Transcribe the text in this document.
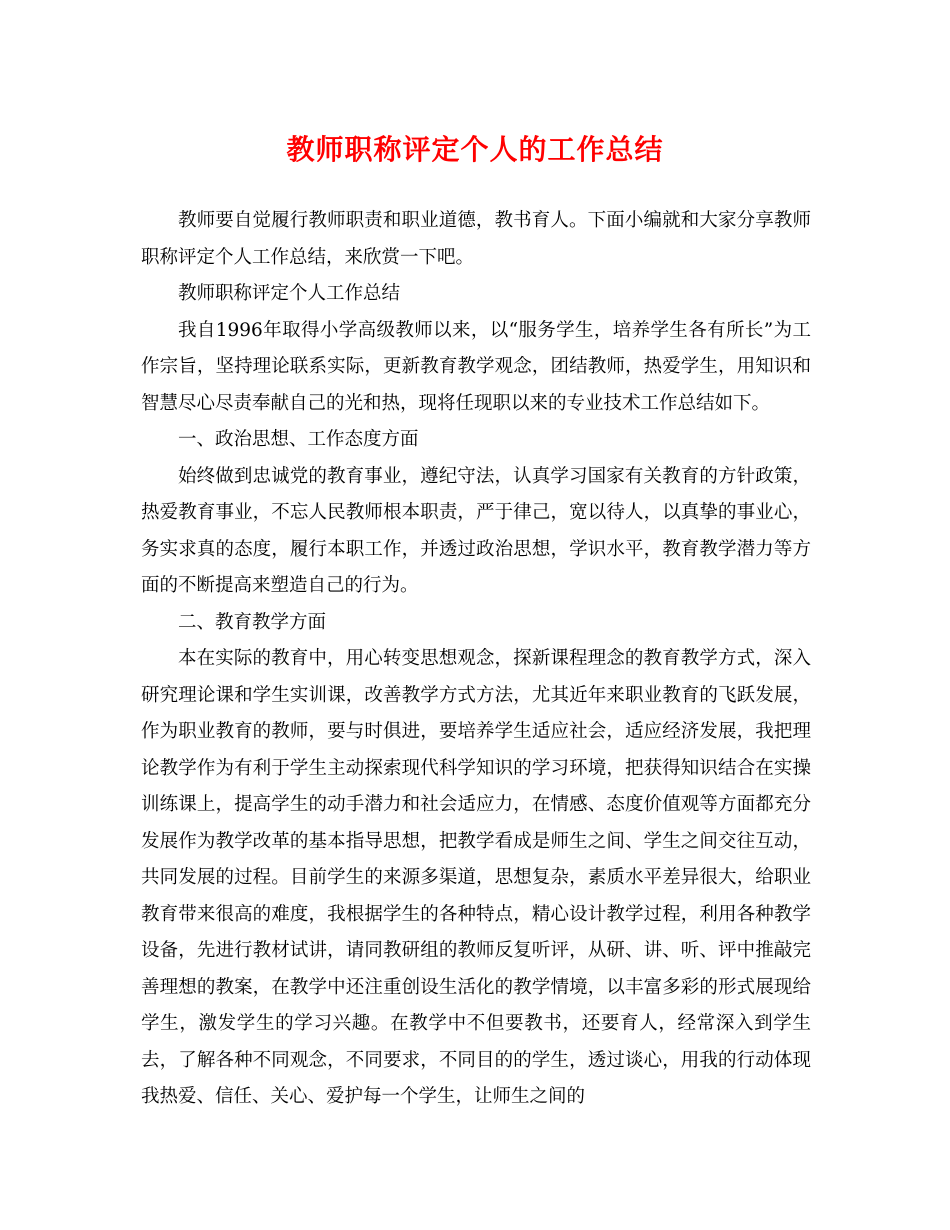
教师职称评定个人的工作总结

教师要自觉履行教师职责和职业道德，教书育人。下面小编就和大家分享教师职称评定个人工作总结，来欣赏一下吧。

教师职称评定个人工作总结

我自1996年取得小学高级教师以来，以“服务学生，培养学生各有所长”为工作宗旨，坚持理论联系实际，更新教育教学观念，团结教师，热爱学生，用知识和智慧尽心尽责奉献自己的光和热，现将任现职以来的专业技术工作总结如下。

一、政治思想、工作态度方面

始终做到忠诚党的教育事业，遵纪守法，认真学习国家有关教育的方针政策，热爱教育事业，不忘人民教师根本职责，严于律己，宽以待人，以真挚的事业心，务实求真的态度，履行本职工作，并透过政治思想，学识水平，教育教学潜力等方面的不断提高来塑造自己的行为。

二、教育教学方面

本在实际的教育中，用心转变思想观念，探新课程理念的教育教学方式，深入研究理论课和学生实训课，改善教学方式方法，尤其近年来职业教育的飞跃发展，作为职业教育的教师，要与时俱进，要培养学生适应社会，适应经济发展，我把理论教学作为有利于学生主动探索现代科学知识的学习环境，把获得知识结合在实操训练课上，提高学生的动手潜力和社会适应力，在情感、态度价值观等方面都充分发展作为教学改革的基本指导思想，把教学看成是师生之间、学生之间交往互动，共同发展的过程。目前学生的来源多渠道，思想复杂，素质水平差异很大，给职业教育带来很高的难度，我根据学生的各种特点，精心设计教学过程，利用各种教学设备，先进行教材试讲，请同教研组的教师反复听评，从研、讲、听、评中推敲完善理想的教案，在教学中还注重创设生活化的教学情境，以丰富多彩的形式展现给学生，激发学生的学习兴趣。在教学中不但要教书，还要育人，经常深入到学生去，了解各种不同观念，不同要求，不同目的的学生，透过谈心，用我的行动体现我热爱、信任、关心、爱护每一个学生，让师生之间的
